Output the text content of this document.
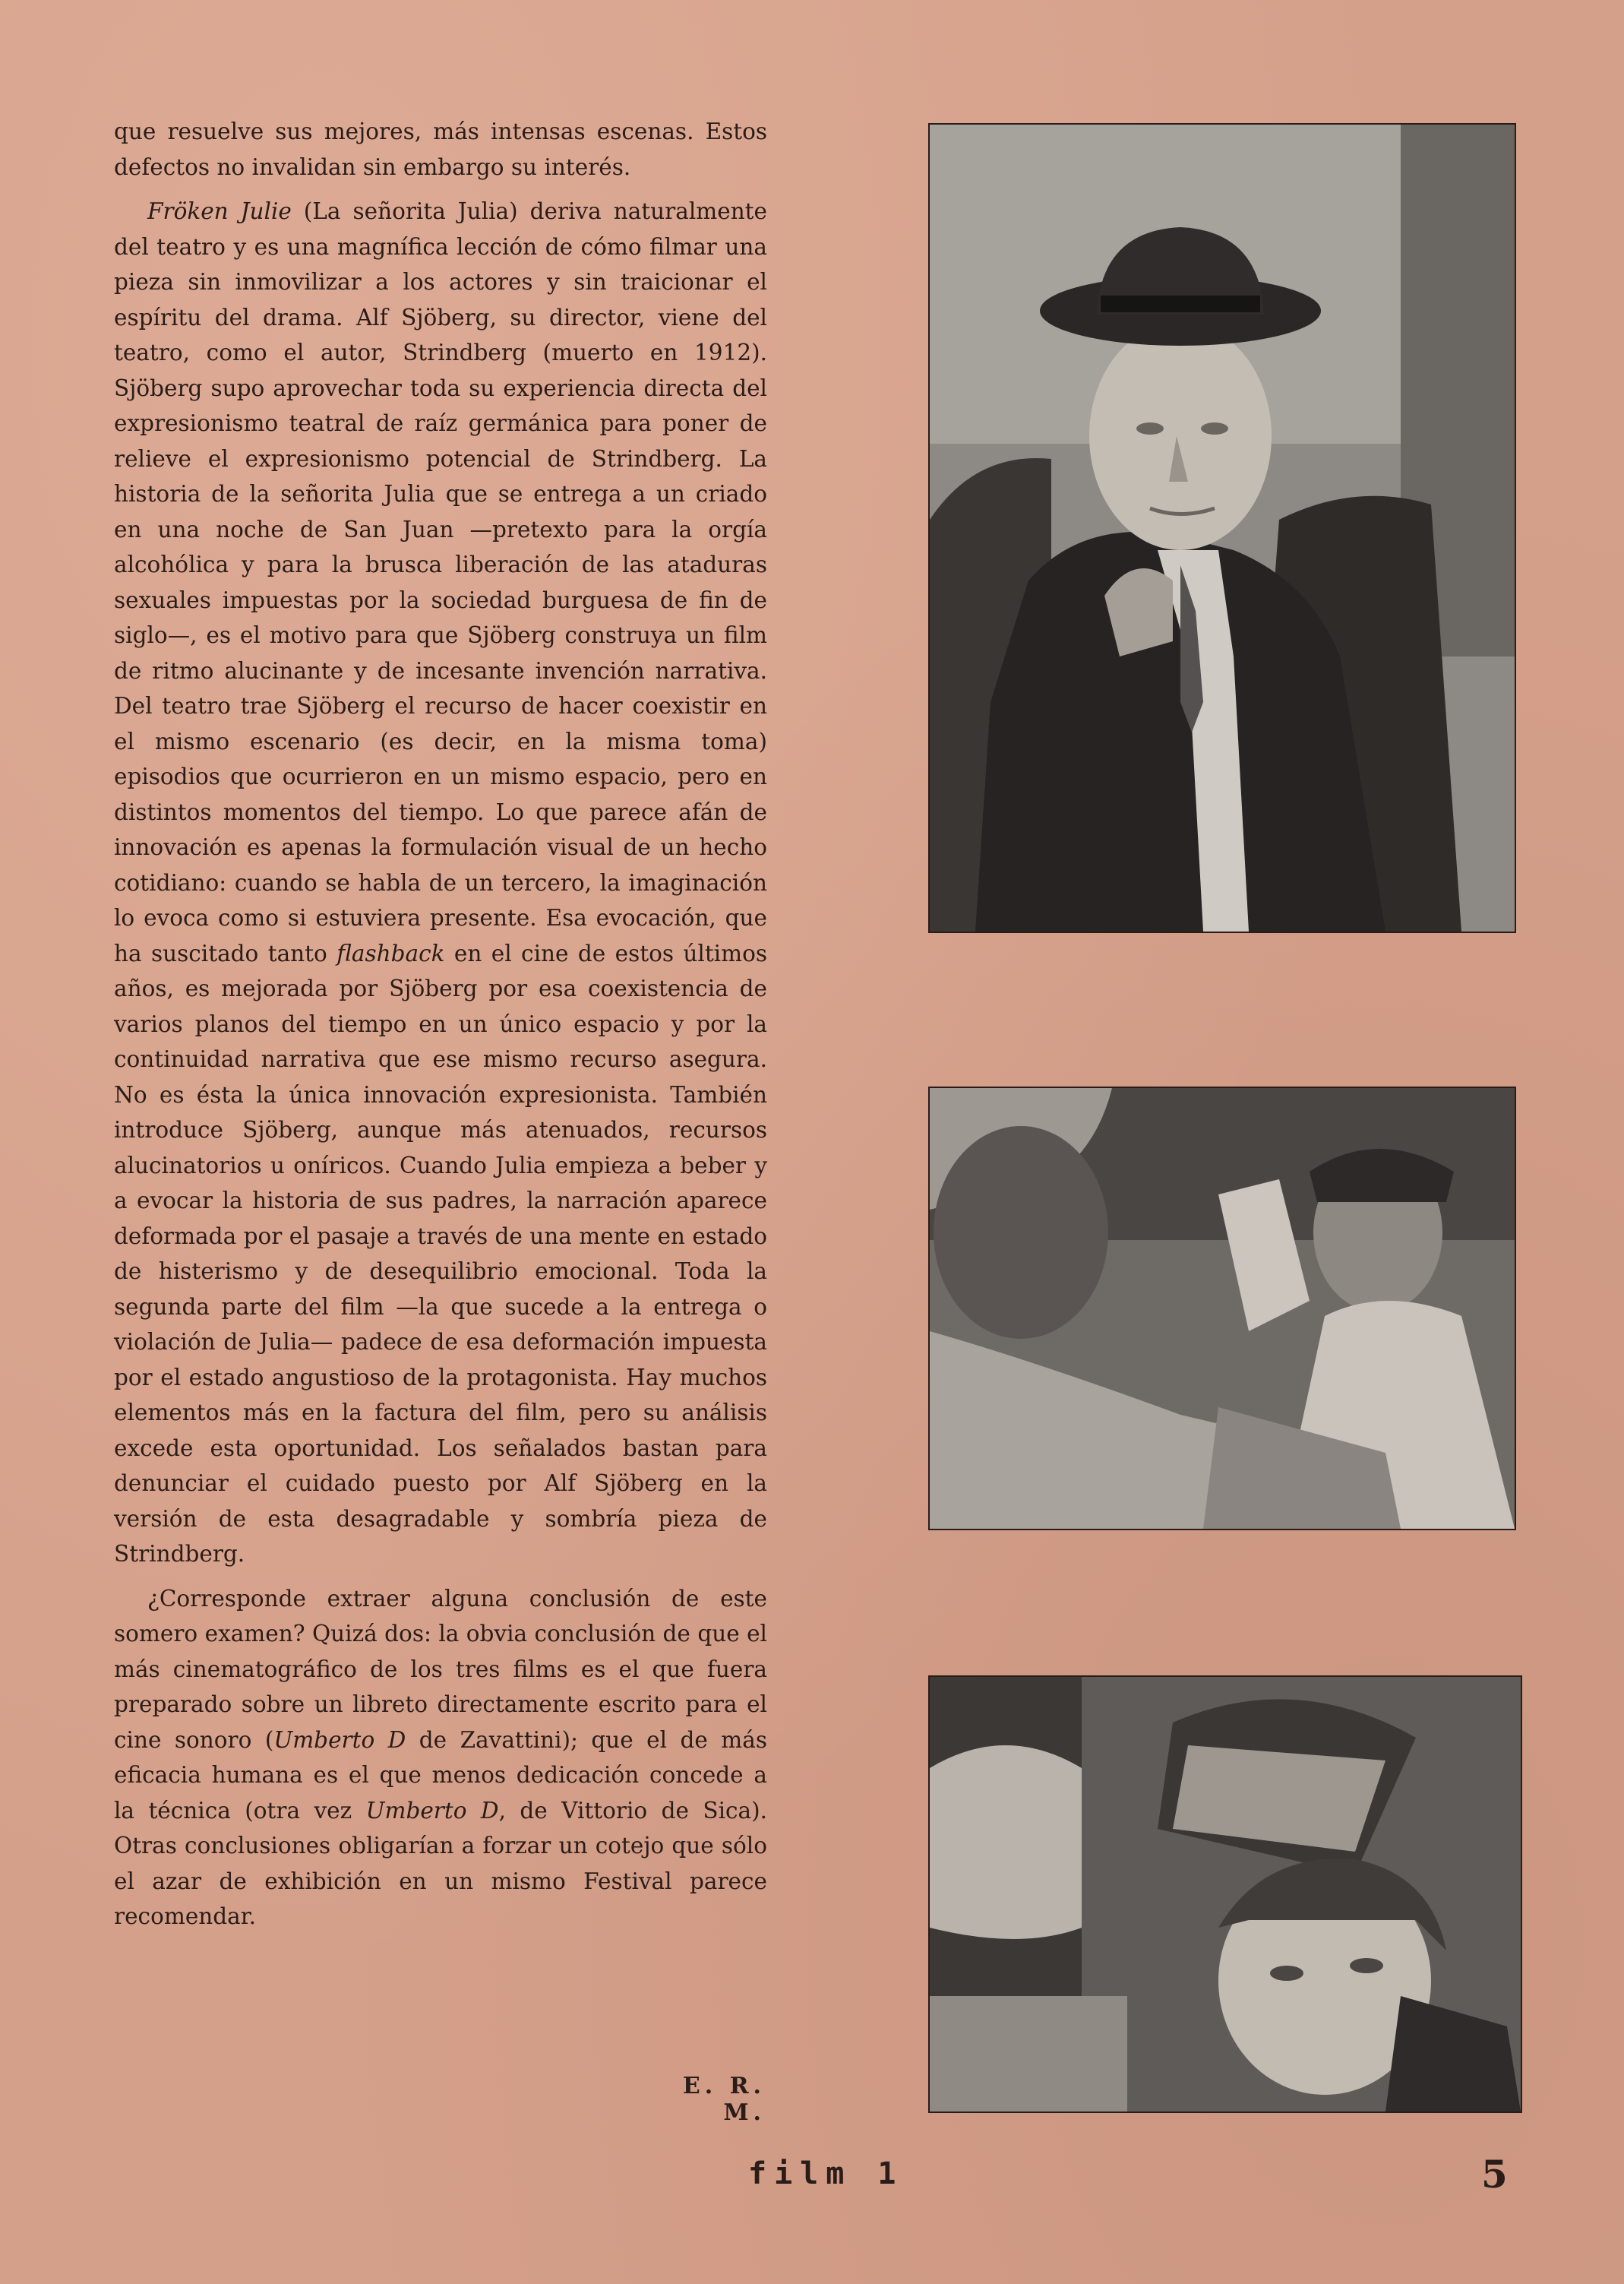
que resuelve sus mejores, más intensas escenas. Estos defectos no invalidan sin embargo su interés.

Fröken Julie (La señorita Julia) deriva naturalmente del teatro y es una magnífica lección de cómo filmar una pieza sin inmovilizar a los actores y sin traicionar el espíritu del drama. Alf Sjöberg, su director, viene del teatro, como el autor, Strindberg (muerto en 1912). Sjöberg supo aprovechar toda su experiencia directa del expresionismo teatral de raíz germánica para poner de relieve el expresionismo potencial de Strindberg. La historia de la señorita Julia que se entrega a un criado en una noche de San Juan —pretexto para la orgía alcohólica y para la brusca liberación de las ataduras sexuales impuestas por la sociedad burguesa de fin de siglo—, es el motivo para que Sjöberg construya un film de ritmo alucinante y de incesante invención narrativa. Del teatro trae Sjöberg el recurso de hacer coexistir en el mismo escenario (es decir, en la misma toma) episodios que ocurrieron en un mismo espacio, pero en distintos momentos del tiempo. Lo que parece afán de innovación es apenas la formulación visual de un hecho cotidiano: cuando se habla de un tercero, la imaginación lo evoca como si estuviera presente. Esa evocación, que ha suscitado tanto flashback en el cine de estos últimos años, es mejorada por Sjöberg por esa coexistencia de varios planos del tiempo en un único espacio y por la continuidad narrativa que ese mismo recurso asegura. No es ésta la única innovación expresionista. También introduce Sjöberg, aunque más atenuados, recursos alucinatorios u oníricos. Cuando Julia empieza a beber y a evocar la historia de sus padres, la narración aparece deformada por el pasaje a través de una mente en estado de histerismo y de desequilibrio emocional. Toda la segunda parte del film —la que sucede a la entrega o violación de Julia— padece de esa deformación impuesta por el estado angustioso de la protagonista. Hay muchos elementos más en la factura del film, pero su análisis excede esta oportunidad. Los señalados bastan para denunciar el cuidado puesto por Alf Sjöberg en la versión de esta desagradable y sombría pieza de Strindberg.

¿Corresponde extraer alguna conclusión de este somero examen? Quizá dos: la obvia conclusión de que el más cinematográfico de los tres films es el que fuera preparado sobre un libreto directamente escrito para el cine sonoro (Umberto D de Zavattini); que el de más eficacia humana es el que menos dedicación concede a la técnica (otra vez Umberto D, de Vittorio de Sica). Otras conclusiones obligarían a forzar un cotejo que sólo el azar de exhibición en un mismo Festival parece recomendar.

E. R. M.
film 1	5
